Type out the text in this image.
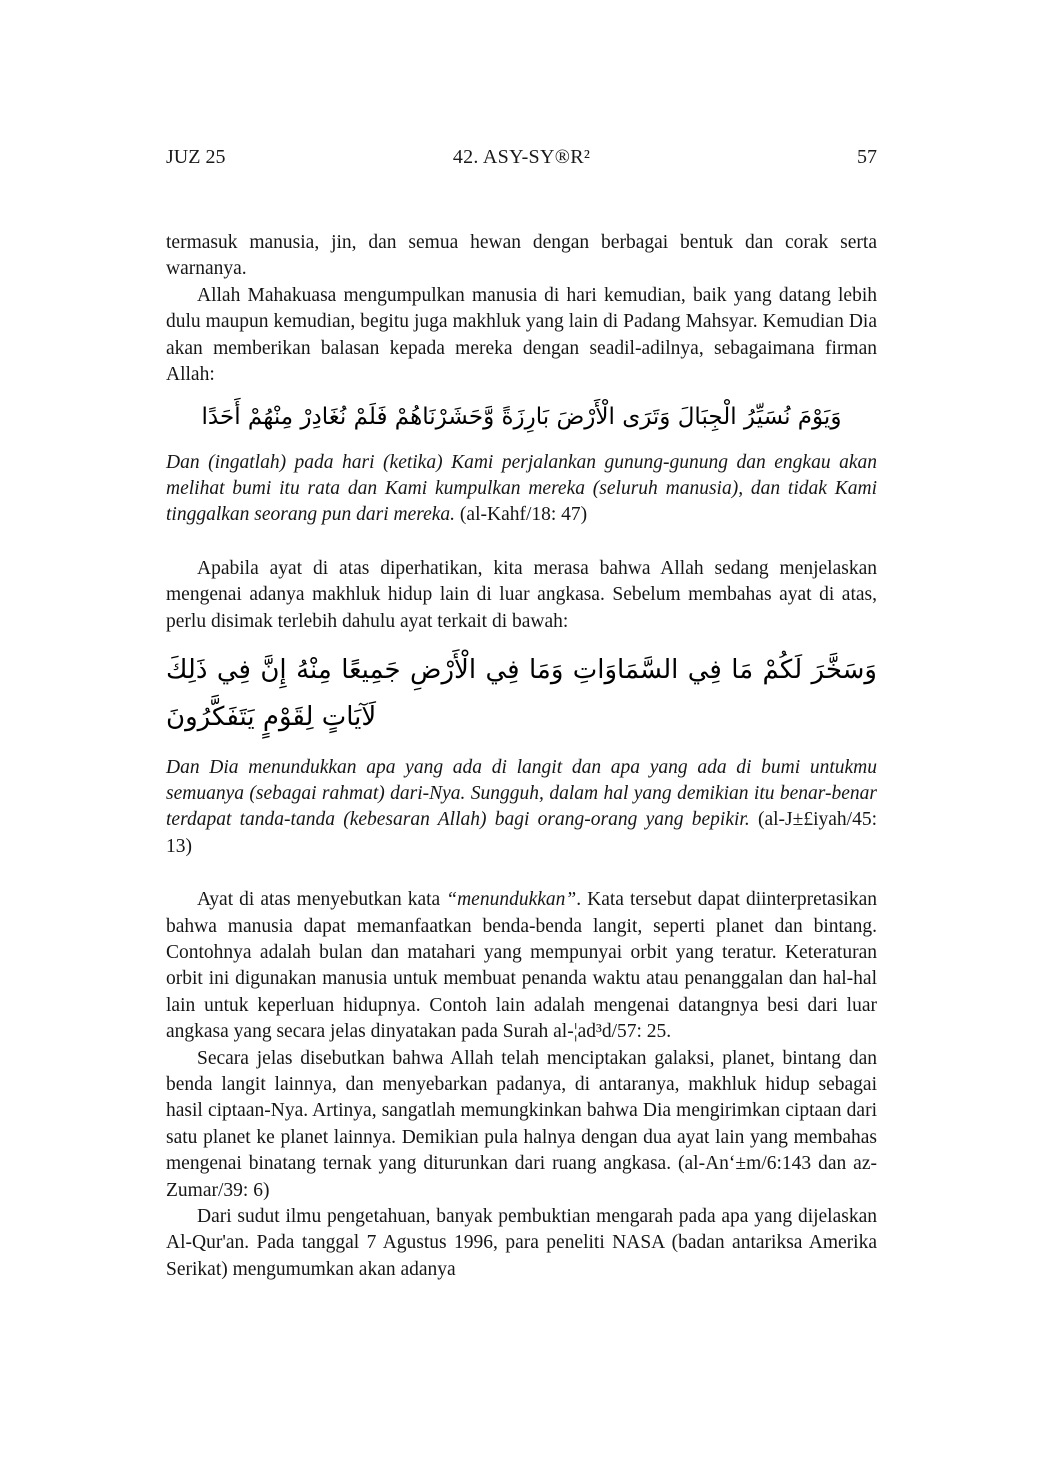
JUZ 25	42. ASY-SY®R²	57

termasuk manusia, jin, dan semua hewan dengan berbagai bentuk dan corak serta warnanya.

Allah Mahakuasa mengumpulkan manusia di hari kemudian, baik yang datang lebih dulu maupun kemudian, begitu juga makhluk yang lain di Padang Mahsyar. Kemudian Dia akan memberikan balasan kepada mereka dengan seadil-adilnya, sebagaimana firman Allah:

وَيَوْمَ نُسَيِّرُ الْجِبَالَ وَتَرَى الْأَرْضَ بَارِزَةً وَّحَشَرْنَاهُمْ فَلَمْ نُغَادِرْ مِنْهُمْ أَحَدًا

Dan (ingatlah) pada hari (ketika) Kami perjalankan gunung-gunung dan engkau akan melihat bumi itu rata dan Kami kumpulkan mereka (seluruh manusia), dan tidak Kami tinggalkan seorang pun dari mereka. (al-Kahf/18: 47)

Apabila ayat di atas diperhatikan, kita merasa bahwa Allah sedang menjelaskan mengenai adanya makhluk hidup lain di luar angkasa. Sebelum membahas ayat di atas, perlu disimak terlebih dahulu ayat terkait di bawah:

وَسَخَّرَ لَكُمْ مَا فِي السَّمَاوَاتِ وَمَا فِي الْأَرْضِ جَمِيعًا مِنْهُ إِنَّ فِي ذَلِكَ لَآيَاتٍ لِقَوْمٍ يَتَفَكَّرُونَ

Dan Dia menundukkan apa yang ada di langit dan apa yang ada di bumi untukmu semuanya (sebagai rahmat) dari-Nya. Sungguh, dalam hal yang demikian itu benar-benar terdapat tanda-tanda (kebesaran Allah) bagi orang-orang yang bepikir. (al-J±£iyah/45: 13)

Ayat di atas menyebutkan kata “menundukkan”. Kata tersebut dapat diinterpretasikan bahwa manusia dapat memanfaatkan benda-benda langit, seperti planet dan bintang. Contohnya adalah bulan dan matahari yang mempunyai orbit yang teratur. Keteraturan orbit ini digunakan manusia untuk membuat penanda waktu atau penanggalan dan hal-hal lain untuk keperluan hidupnya. Contoh lain adalah mengenai datangnya besi dari luar angkasa yang secara jelas dinyatakan pada Surah al-¦ad³d/57: 25.

Secara jelas disebutkan bahwa Allah telah menciptakan galaksi, planet, bintang dan benda langit lainnya, dan menyebarkan padanya, di antaranya, makhluk hidup sebagai hasil ciptaan-Nya. Artinya, sangatlah memungkinkan bahwa Dia mengirimkan ciptaan dari satu planet ke planet lainnya. Demikian pula halnya dengan dua ayat lain yang membahas mengenai binatang ternak yang diturunkan dari ruang angkasa. (al-An‘±m/6:143 dan az-Zumar/39: 6)

Dari sudut ilmu pengetahuan, banyak pembuktian mengarah pada apa yang dijelaskan Al-Qur'an. Pada tanggal 7 Agustus 1996, para peneliti NASA (badan antariksa Amerika Serikat) mengumumkan akan adanya
